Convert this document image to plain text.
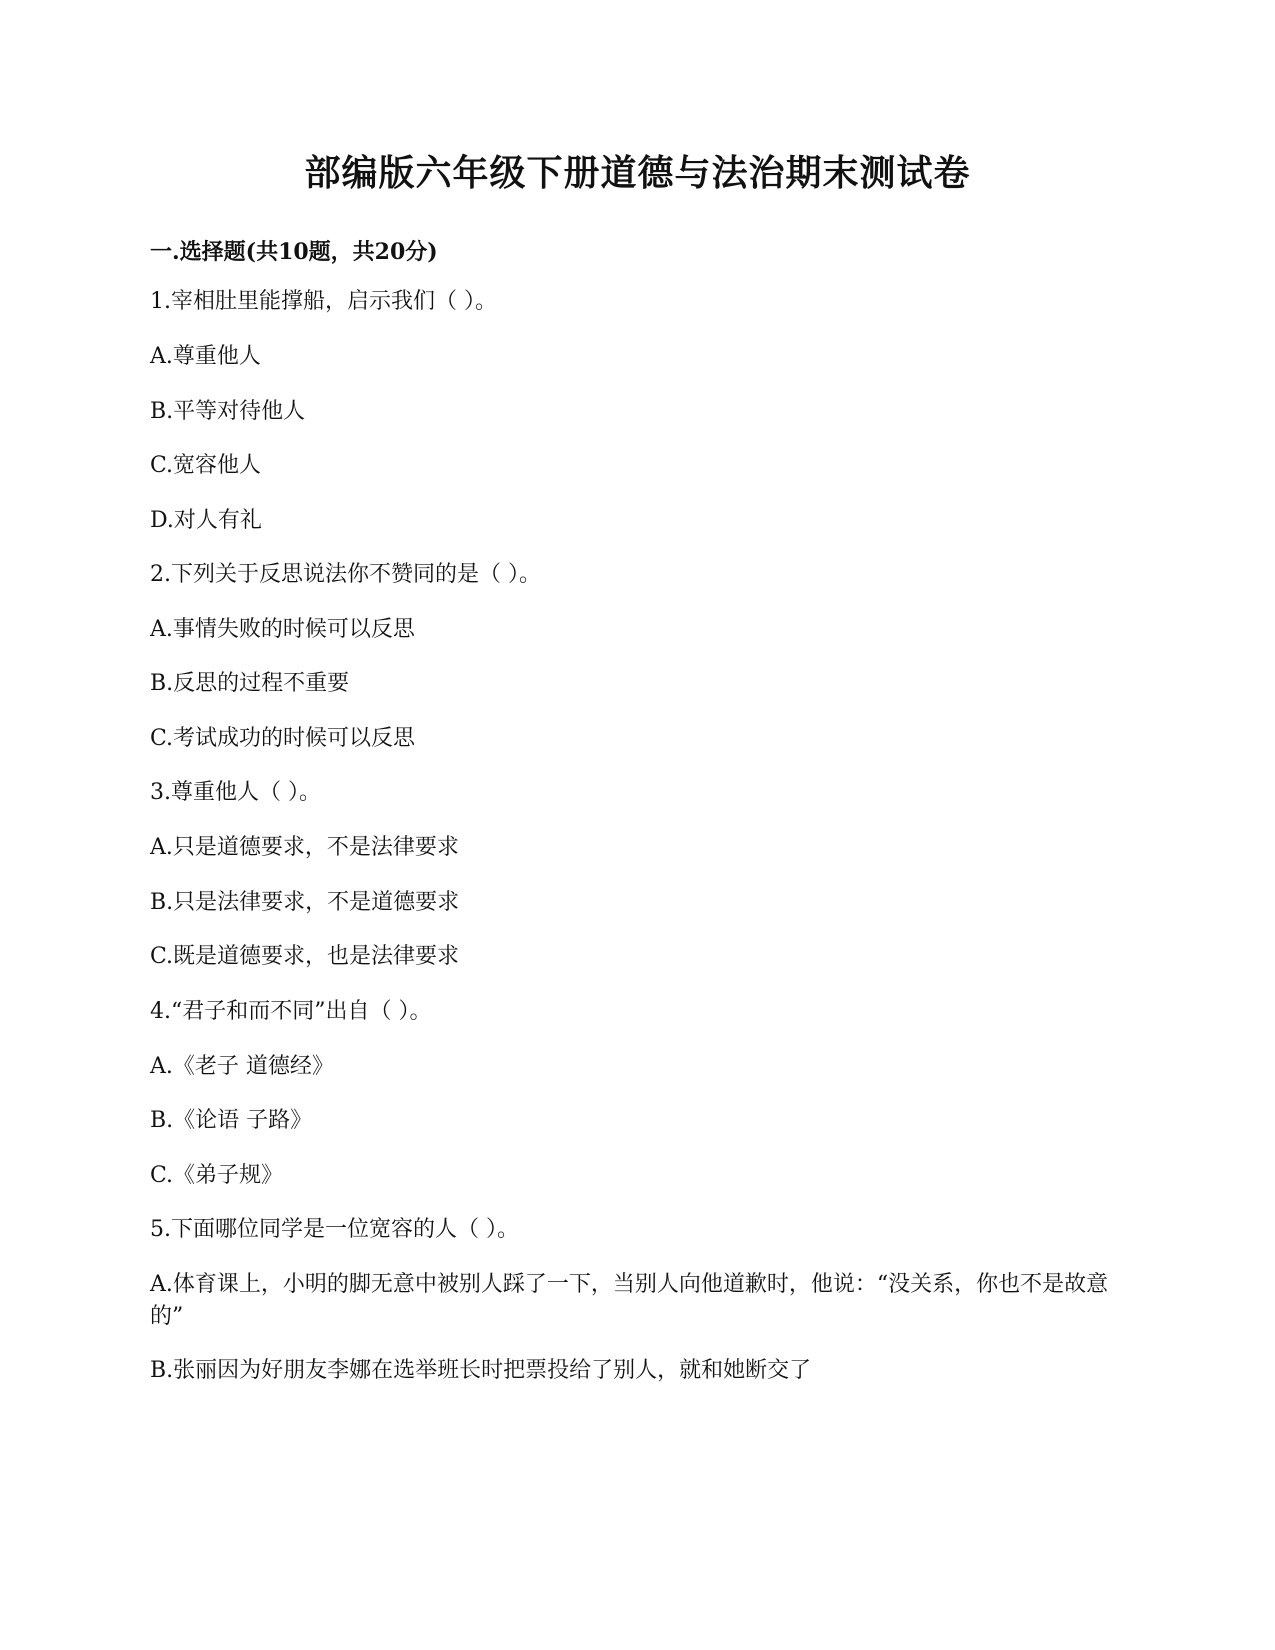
部编版六年级下册道德与法治期末测试卷
一.选择题(共10题，共20分)
1.宰相肚里能撑船，启示我们（ ）。
A.尊重他人
B.平等对待他人
C.宽容他人
D.对人有礼
2.下列关于反思说法你不赞同的是（ ）。
A.事情失败的时候可以反思
B.反思的过程不重要
C.考试成功的时候可以反思
3.尊重他人（ ）。
A.只是道德要求，不是法律要求
B.只是法律要求，不是道德要求
C.既是道德要求，也是法律要求
4.“君子和而不同”出自（ ）。
A.《老子 道德经》
B.《论语 子路》
C.《弟子规》
5.下面哪位同学是一位宽容的人（ ）。
A.体育课上，小明的脚无意中被别人踩了一下，当别人向他道歉时，他说：“没关系，你也不是故意的”
B.张丽因为好朋友李娜在选举班长时把票投给了别人，就和她断交了
